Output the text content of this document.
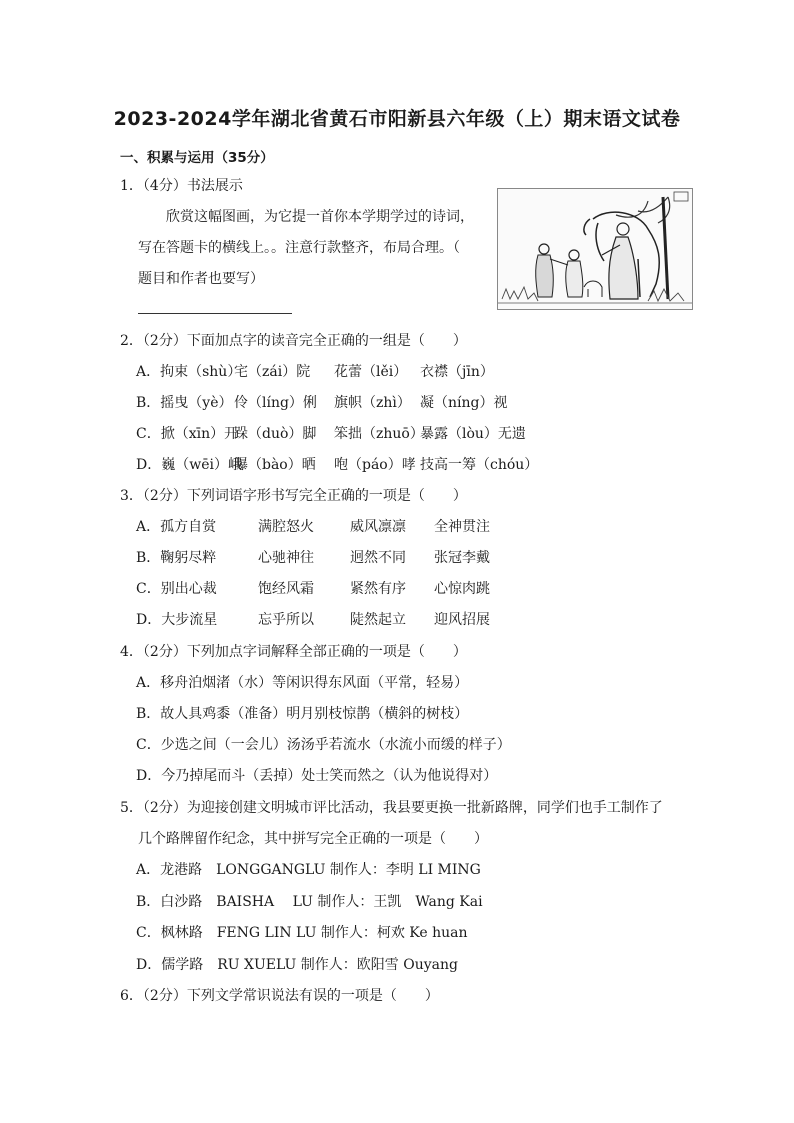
2023-2024学年湖北省黄石市阳新县六年级（上）期末语文试卷
一、积累与运用（35分）
1．（4分）书法展示
欣赏这幅图画，为它提一首你本学期学过的诗词，
写在答题卡的横线上。。注意行款整齐，布局合理。（
题目和作者也要写）
2．（2分）下面加点字的读音完全正确的一组是（　　）
A．拘束（shù）宅（zái）院 花蕾（lěi） 衣襟（jīn）
B．摇曳（yè） 伶（líng）俐 旗帜（zhì） 凝（níng）视
C．掀（xīn）开跺（duò）脚 笨拙（zhuō）暴露（lòu）无遗
D．巍（wēi）峨曝（bào）晒 咆（páo）哮 技高一筹（chóu）
3．（2分）下列词语字形书写完全正确的一项是（　　）
A．孤方自赏	满腔怒火	威风凛凛 全神贯注
B．鞠躬尽粹	心驰神往	迥然不同 张冠李戴
C．别出心裁	饱经风霜	紧然有序 心惊肉跳
D．大步流星	忘乎所以	陡然起立 迎风招展
4．（2分）下列加点字词解释全部正确的一项是（　　）
A．移舟泊烟渚（水）等闲识得东风面（平常，轻易）
B．故人具鸡黍（准备）明月别枝惊鹊（横斜的树枝）
C．少选之间（一会儿）汤汤乎若流水（水流小而缓的样子）
D．今乃掉尾而斗（丢掉）处士笑而然之（认为他说得对）
5．（2分）为迎接创建文明城市评比活动，我县要更换一批新路牌，同学们也手工制作了
几个路牌留作纪念，其中拼写完全正确的一项是（　　）
A．龙港路　LONGGANGLU 制作人：李明 LI MING
B．白沙路　BAISHA　 LU 制作人：王凯　Wang Kai
C．枫林路　FENG LIN LU 制作人：柯欢 Ke huan
D．儒学路　RU XUELU 制作人：欧阳雪 Ouyang
6．（2分）下列文学常识说法有误的一项是（　　）
